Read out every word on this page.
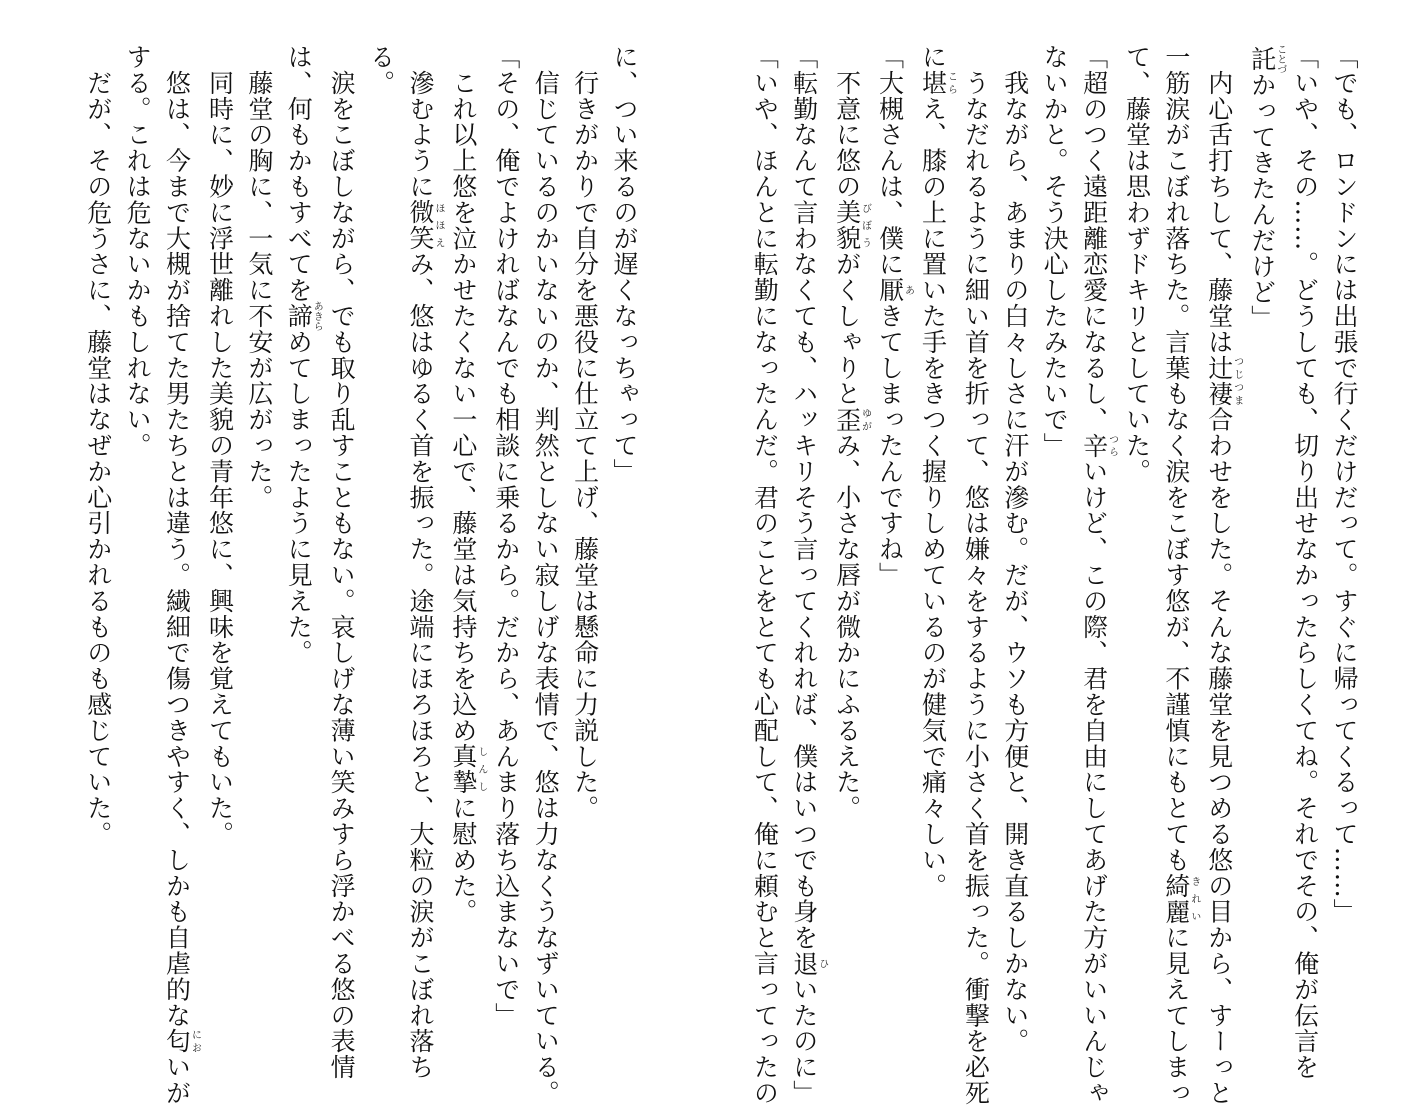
「でも、ロンドンには出張で行くだけだって。すぐに帰ってくるって……」
「いや、その……。どうしても、切り出せなかったらしくてね。それでその、俺が伝言を
託ことづかってきたんだけど」
　内心舌打ちして、藤堂は辻褄つじつま合わせをした。そんな藤堂を見つめる悠の目から、すーっと
一筋涙がこぼれ落ちた。言葉もなく涙をこぼす悠が、不謹慎にもとても綺麗きれいに見えてしまっ
て、藤堂は思わずドキリとしていた。
「超のつく遠距離恋愛になるし、辛つらいけど、この際、君を自由にしてあげた方がいいんじゃ
ないかと。そう決心したみたいで」
　我ながら、あまりの白々しさに汗が滲む。だが、ウソも方便と、開き直るしかない。
　うなだれるように細い首を折って、悠は嫌々をするように小さく首を振った。衝撃を必死
に堪こらえ、膝の上に置いた手をきつく握りしめているのが健気で痛々しい。
「大槻さんは、僕に厭あきてしまったんですね」
　不意に悠の美貌びぼうがくしゃりと歪ゆがみ、小さな唇が微かにふるえた。
「転勤なんて言わなくても、ハッキリそう言ってくれれば、僕はいつでも身を退ひいたのに」
「いや、ほんとに転勤になったんだ。君のことをとても心配して、俺に頼むと言ってったの
に、つい来るのが遅くなっちゃって」
　行きがかりで自分を悪役に仕立て上げ、藤堂は懸命に力説した。
　信じているのかいないのか、判然としない寂しげな表情で、悠は力なくうなずいている。
「その、俺でよければなんでも相談に乗るから。だから、あんまり落ち込まないで」
　これ以上悠を泣かせたくない一心で、藤堂は気持ちを込め真摯しんしに慰めた。
　滲むように微笑ほほえみ、悠はゆるく首を振った。途端にほろほろと、大粒の涙がこぼれ落ち
る。
　涙をこぼしながら、でも取り乱すこともない。哀しげな薄い笑みすら浮かべる悠の表情
は、何もかもすべてを諦あきらめてしまったように見えた。
　藤堂の胸に、一気に不安が広がった。
　同時に、妙に浮世離れした美貌の青年悠に、興味を覚えてもいた。
　悠は、今まで大槻が捨てた男たちとは違う。繊細で傷つきやすく、しかも自虐的な匂においが
する。これは危ないかもしれない。
　だが、その危うさに、藤堂はなぜか心引かれるものも感じていた。
